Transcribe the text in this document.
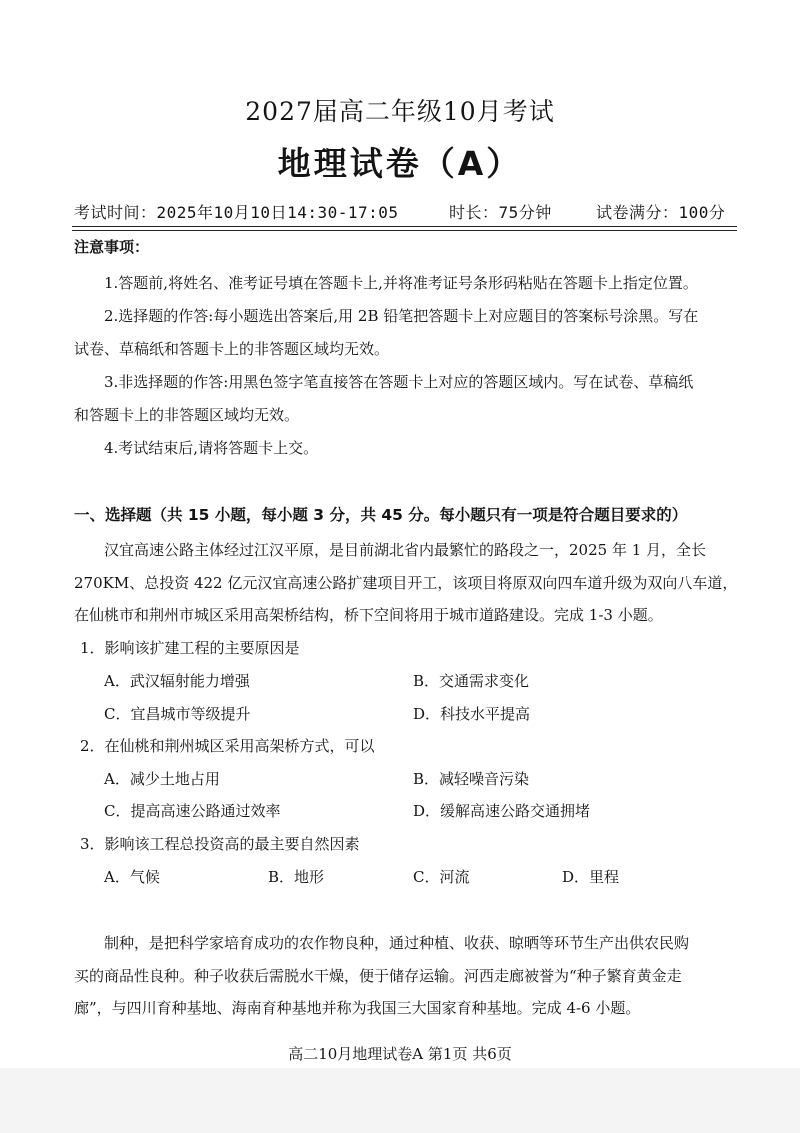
2027届高二年级10月考试
地理试卷（A）
考试时间：2025年10月10日14:30-17:05	时长：75分钟	试卷满分：100分
注意事项：
1.答题前,将姓名、准考证号填在答题卡上,并将准考证号条形码粘贴在答题卡上指定位置。
2.选择题的作答:每小题选出答案后,用 2B 铅笔把答题卡上对应题目的答案标号涂黑。写在
试卷、草稿纸和答题卡上的非答题区域均无效。
3.非选择题的作答:用黑色签字笔直接答在答题卡上对应的答题区域内。写在试卷、草稿纸
和答题卡上的非答题区域均无效。
4.考试结束后,请将答题卡上交。
一、选择题（共 15 小题，每小题 3 分，共 45 分。每小题只有一项是符合题目要求的）
汉宜高速公路主体经过江汉平原，是目前湖北省内最繁忙的路段之一，2025 年 1 月，全长
270KM、总投资 422 亿元汉宜高速公路扩建项目开工，该项目将原双向四车道升级为双向八车道，
在仙桃市和荆州市城区采用高架桥结构，桥下空间将用于城市道路建设。完成 1-3 小题。
1．影响该扩建工程的主要原因是
A．武汉辐射能力增强	B．交通需求变化
C．宜昌城市等级提升	D．科技水平提高
2．在仙桃和荆州城区采用高架桥方式，可以
A．减少土地占用	B．减轻噪音污染
C．提高高速公路通过效率	D．缓解高速公路交通拥堵
3．影响该工程总投资高的最主要自然因素
A．气候	B．地形	C．河流	D．里程
制种，是把科学家培育成功的农作物良种，通过种植、收获、晾晒等环节生产出供农民购
买的商品性良种。种子收获后需脱水干燥，便于储存运输。河西走廊被誉为“种子繁育黄金走
廊”，与四川育种基地、海南育种基地并称为我国三大国家育种基地。完成 4-6 小题。
高二10月地理试卷A 第1页 共6页
